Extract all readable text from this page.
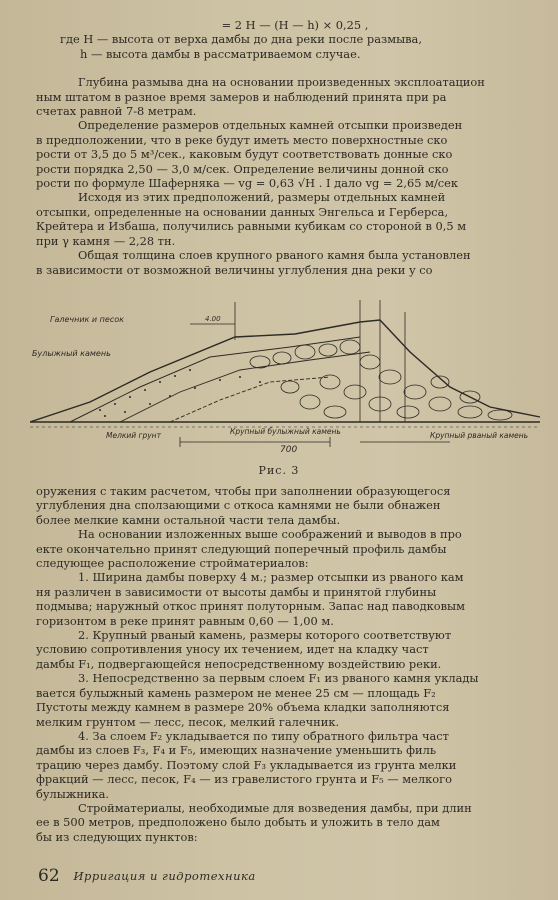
= 2 Н — (Н — h) × 0,25 ,
где Н — высота от верха дамбы до дна реки после размыва,
h — высота дамбы в рассматриваемом случае.
Глубина размыва дна на основании произведенных эксплоатацион
ным штатом в разное время замеров и наблюдений принята при ра
счетах равной 7-8 метрам.
Определение размеров отдельных камней отсыпки произведен
в предположении, что в реке будут иметь место поверхностные ско
рости от 3,5 до 5 м³/сек., каковым будут соответствовать донные ско
рости порядка 2,50 — 3,0 м/сек. Определение величины донной ско
рости по формуле Шаферняка — vg = 0,63 √H . I дало vg = 2,65 м/сек
Исходя из этих предположений, размеры отдельных камней
отсыпки, определенные на основании данных Энгельса и Герберса,
Крейтера и Избаша, получились равными кубикам со стороной в 0,5 м
при γ камня — 2,28 тн.
Общая толщина слоев крупного рваного камня была установлен
в зависимости от возможной величины углубления дна реки у со
4.00
Галечник и песок
Булыжный камень
Мелкий грунт	Крупный булыжный камень
700
Крупный рваный камень
Рис. 3
оружения с таким расчетом, чтобы при заполнении образующегося
углубления дна сползающими с откоса камнями не были обнажен
более мелкие камни остальной части тела дамбы.
На основании изложенных выше соображений и выводов в про
екте окончательно принят следующий поперечный профиль дамбы
следующее расположение стройматериалов:
1. Ширина дамбы поверху 4 м.; размер отсыпки из рваного кам
ня различен в зависимости от высоты дамбы и принятой глубины
подмыва; наружный откос принят полуторным. Запас над паводковым
горизонтом в реке принят равным 0,60 — 1,00 м.
2. Крупный рваный камень, размеры которого соответствуют
условию сопротивления уносу их течением, идет на кладку част
дамбы F₁, подвергающейся непосредственному воздействию реки.
3. Непосредственно за первым слоем F₁ из рваного камня уклады
вается булыжный камень размером не менее 25 см — площадь F₂
Пустоты между камнем в размере 20% объема кладки заполняются
мелким грунтом — лесс, песок, мелкий галечник.
4. За слоем F₂ укладывается по типу обратного фильтра част
дамбы из слоев F₃, F₄ и F₅, имеющих назначение уменьшить филь
трацию через дамбу. Поэтому слой F₃ укладывается из грунта мелки
фракций — лесс, песок, F₄ — из гравелистого грунта и F₅ — мелкого
булыжника.
Стройматериалы, необходимые для возведения дамбы, при длин
ее в 500 метров, предположено было добыть и уложить в тело дам
бы из следующих пунктов:
62 Ирригация и гидротехника
